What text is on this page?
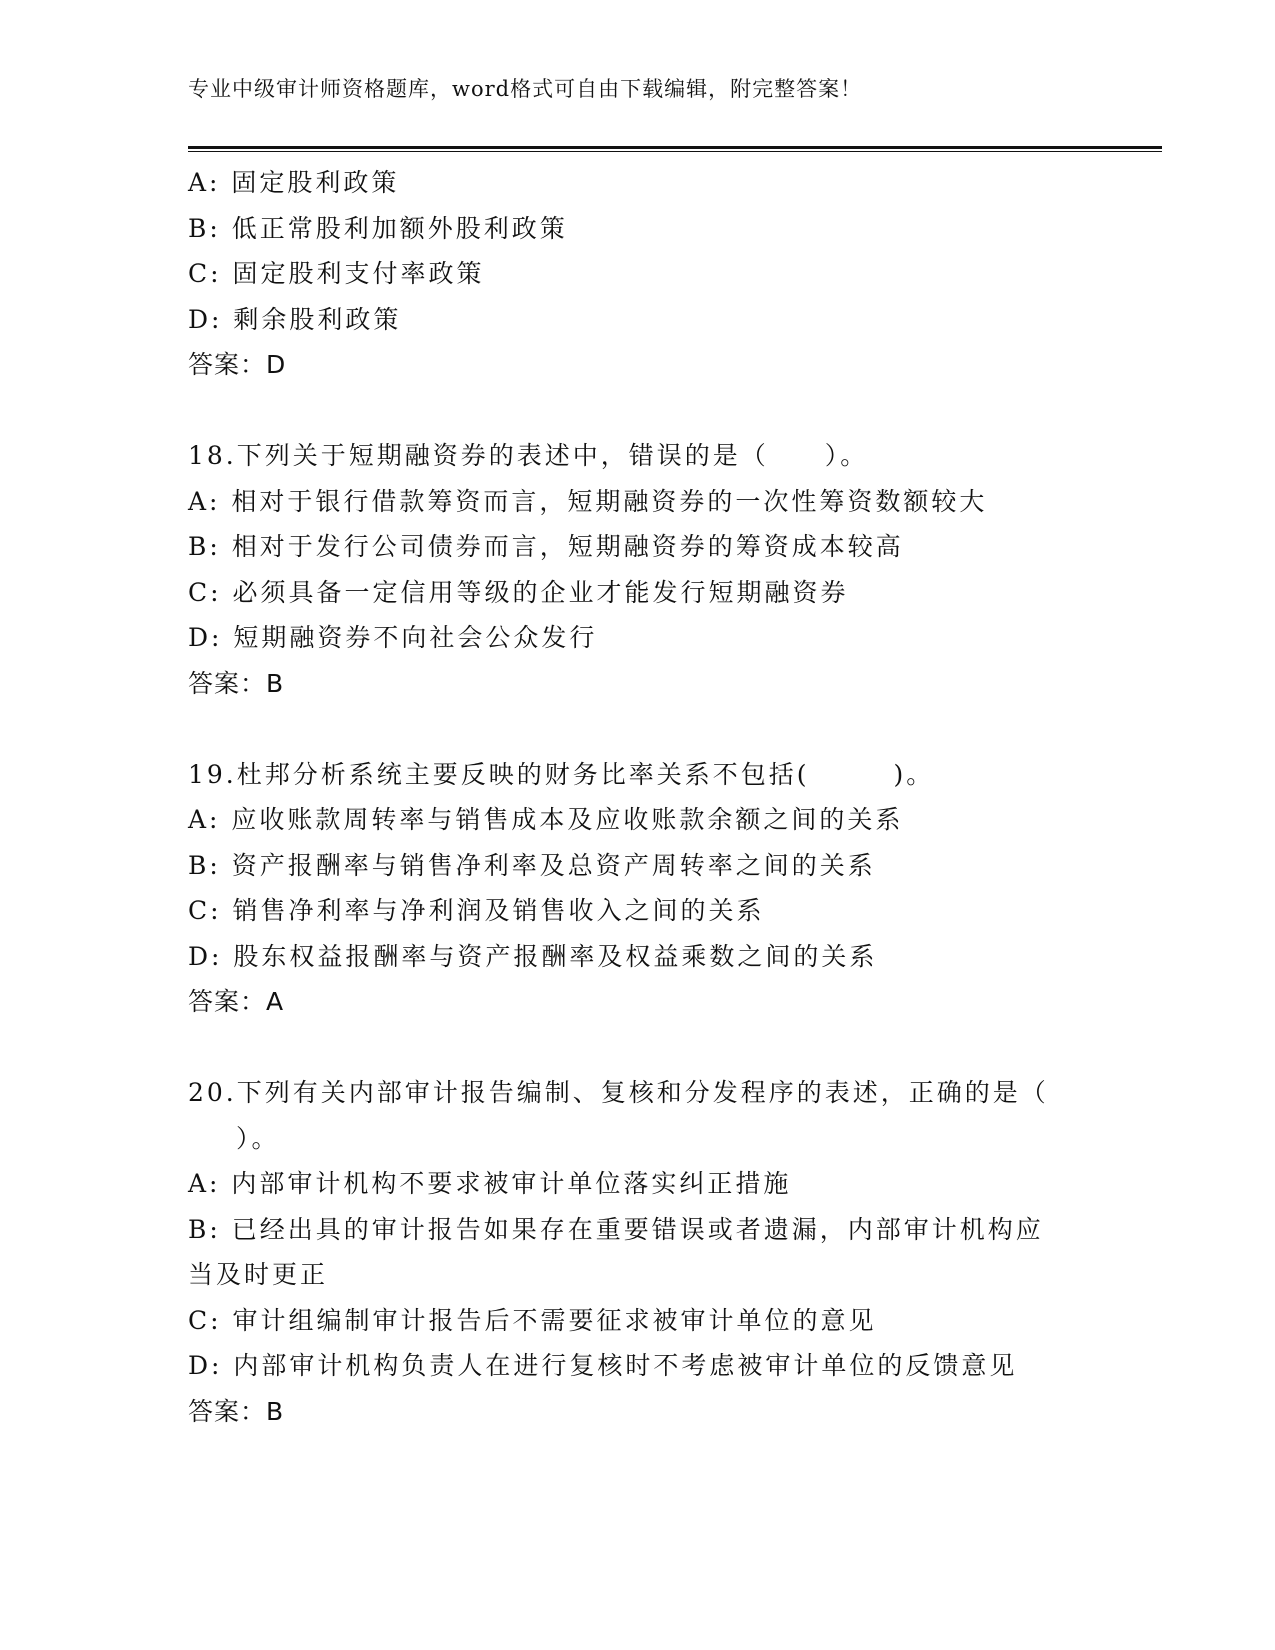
专业中级审计师资格题库，word格式可自由下载编辑，附完整答案！
A: 固定股利政策
B: 低正常股利加额外股利政策
C: 固定股利支付率政策
D: 剩余股利政策
答案：D
18.下列关于短期融资券的表述中，错误的是（　　）。
A: 相对于银行借款筹资而言，短期融资券的一次性筹资数额较大
B: 相对于发行公司债券而言，短期融资券的筹资成本较高
C: 必须具备一定信用等级的企业才能发行短期融资券
D: 短期融资券不向社会公众发行
答案：B
19.杜邦分析系统主要反映的财务比率关系不包括(　　　)。
A: 应收账款周转率与销售成本及应收账款余额之间的关系
B: 资产报酬率与销售净利率及总资产周转率之间的关系
C: 销售净利率与净利润及销售收入之间的关系
D: 股东权益报酬率与资产报酬率及权益乘数之间的关系
答案：A
20.下列有关内部审计报告编制、复核和分发程序的表述，正确的是（
）。
A: 内部审计机构不要求被审计单位落实纠正措施
B: 已经出具的审计报告如果存在重要错误或者遗漏，内部审计机构应当及时更正
C: 审计组编制审计报告后不需要征求被审计单位的意见
D: 内部审计机构负责人在进行复核时不考虑被审计单位的反馈意见
答案：B
